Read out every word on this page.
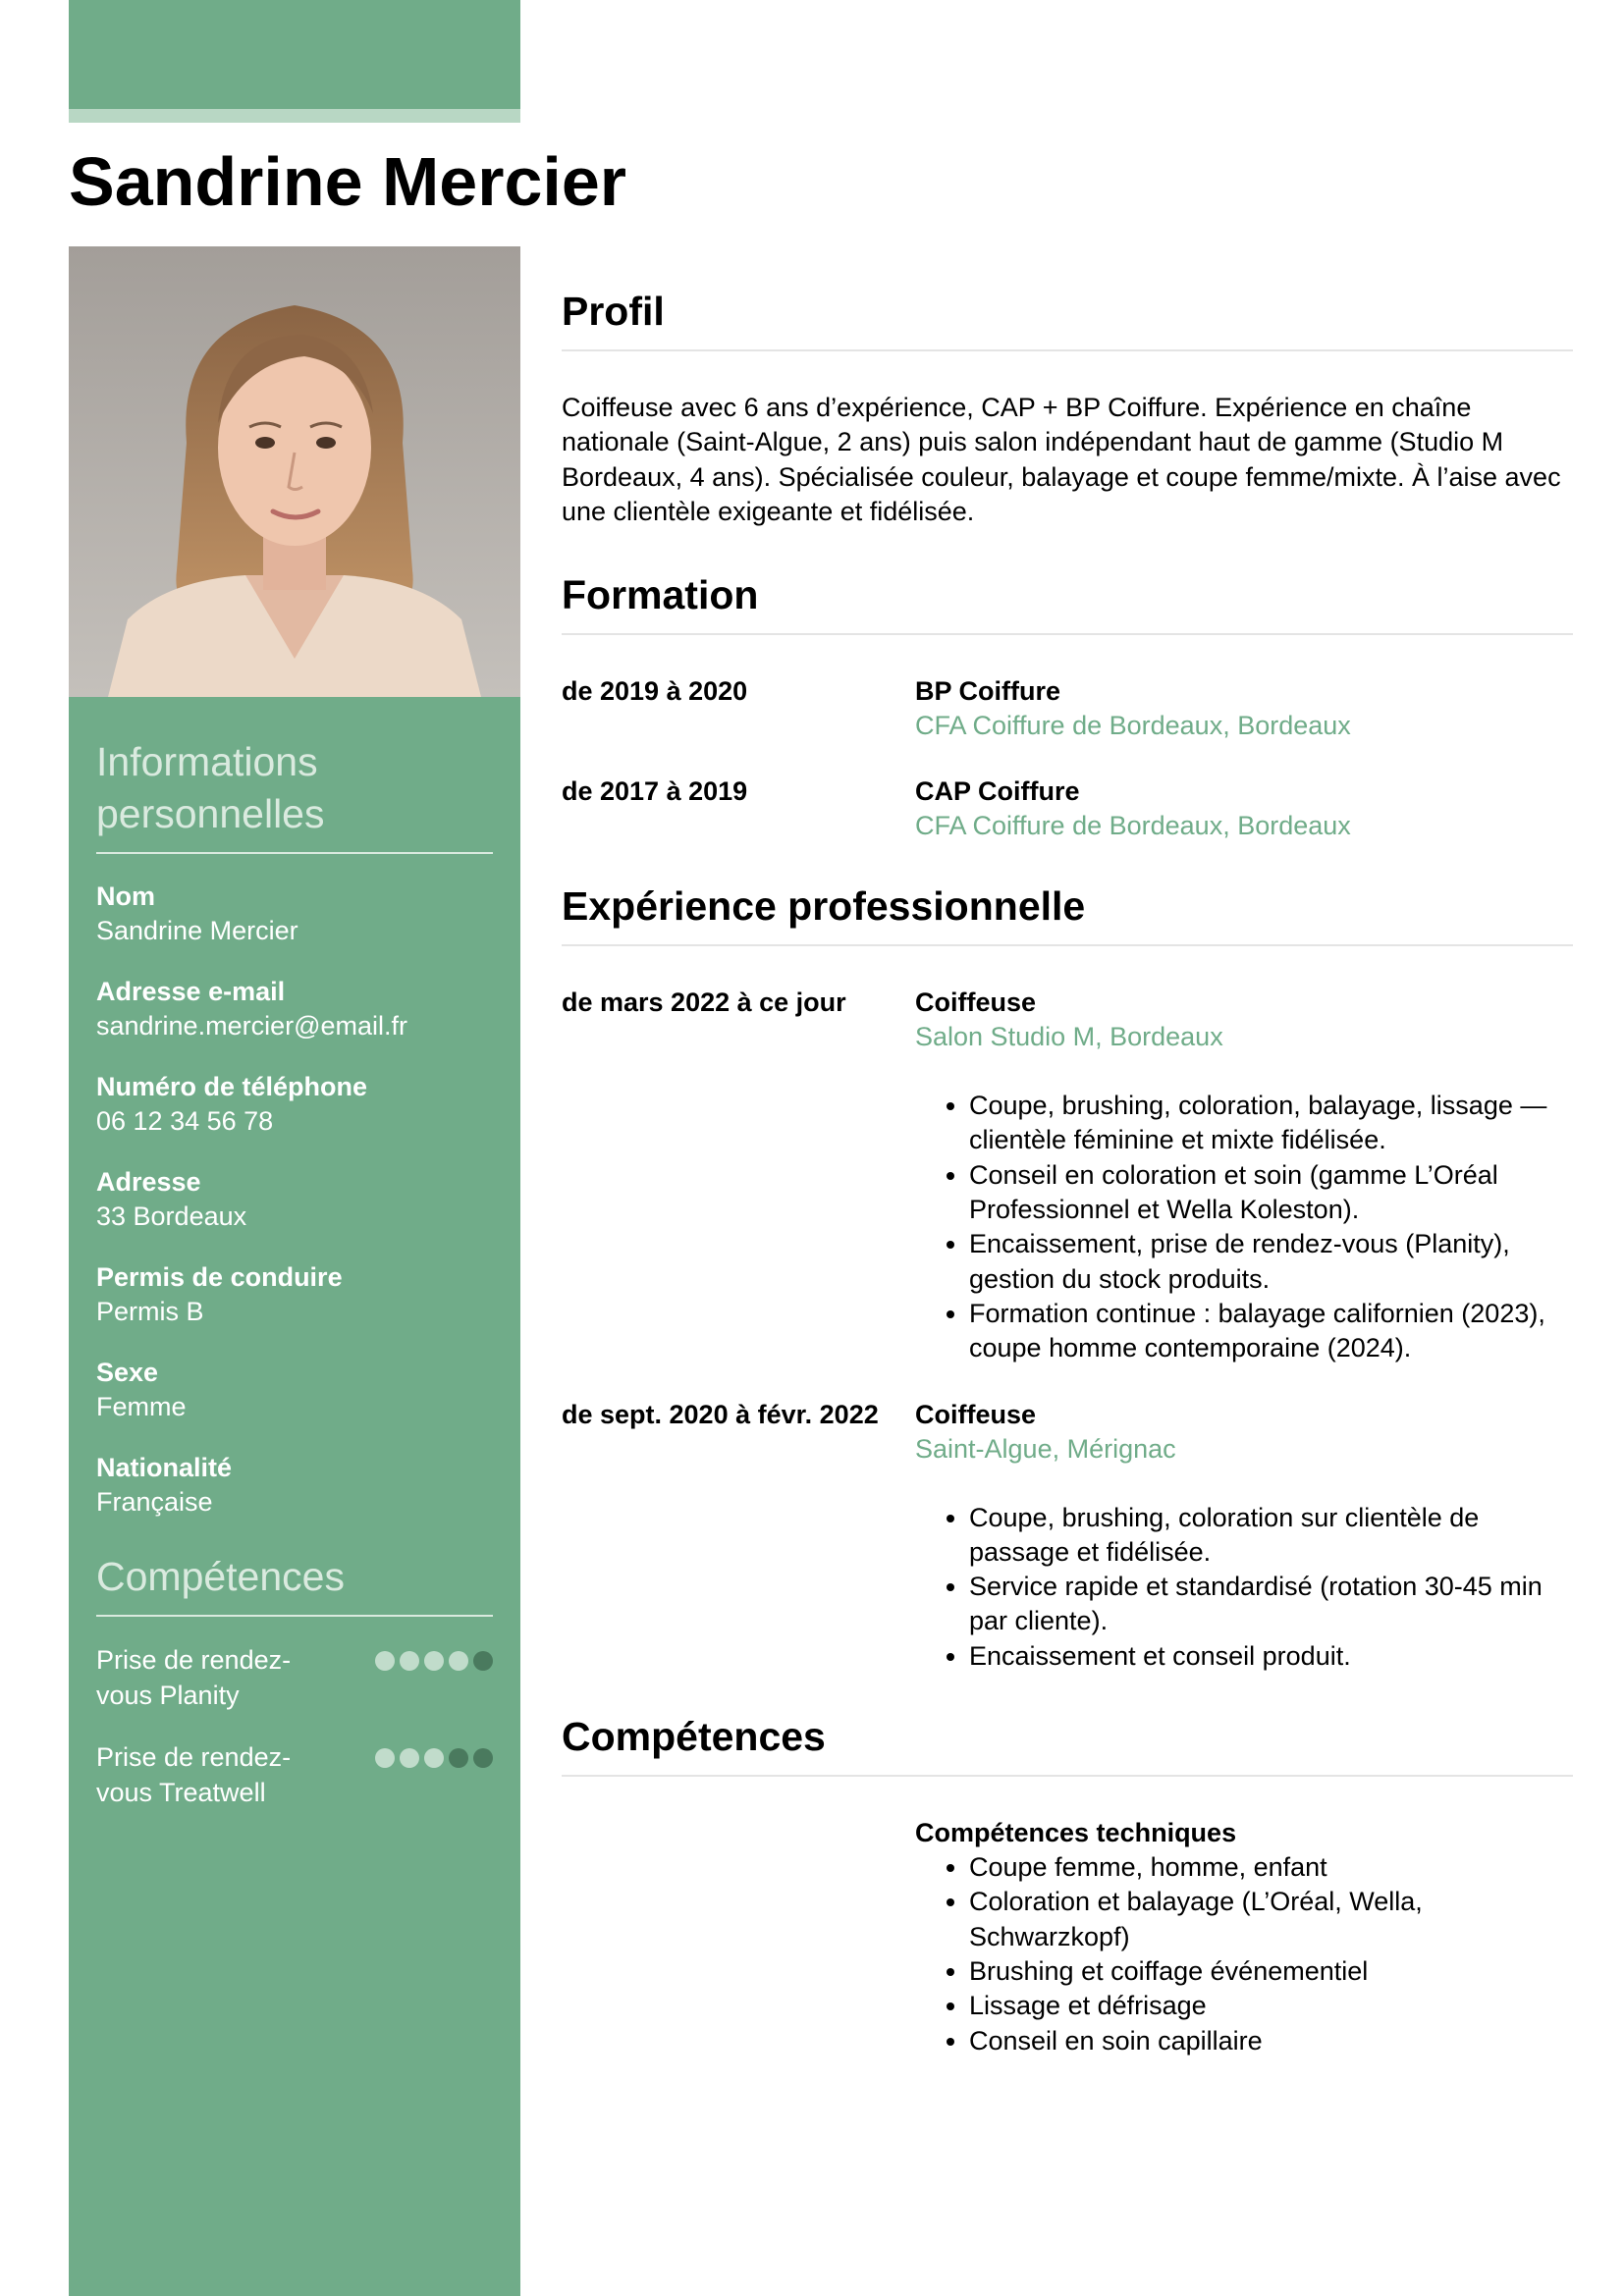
Sandrine Mercier
Informations personnelles
Nom
Sandrine Mercier
Adresse e-mail
sandrine.mercier@email.fr
Numéro de téléphone
06 12 34 56 78
Adresse
33 Bordeaux
Permis de conduire
Permis B
Sexe
Femme
Nationalité
Française
Compétences
Prise de rendez-vous Planity
Prise de rendez-vous Treatwell
Profil

Coiffeuse avec 6 ans d’expérience, CAP + BP Coiffure. Expérience en chaîne nationale (Saint-Algue, 2 ans) puis salon indépendant haut de gamme (Studio M Bordeaux, 4 ans). Spécialisée couleur, balayage et coupe femme/mixte. À l’aise avec une clientèle exigeante et fidélisée.

Formation
de 2019 à 2020	BP Coiffure
CFA Coiffure de Bordeaux, Bordeaux
de 2017 à 2019	CAP Coiffure
CFA Coiffure de Bordeaux, Bordeaux
Expérience professionnelle
de mars 2022 à ce jour	Coiffeuse
Salon Studio M, Bordeaux
• Coupe, brushing, coloration, balayage, lissage — clientèle féminine et mixte fidélisée.
• Conseil en coloration et soin (gamme L’Oréal Professionnel et Wella Koleston).
• Encaissement, prise de rendez-vous (Planity), gestion du stock produits.
• Formation continue : balayage californien (2023), coupe homme contemporaine (2024).
de sept. 2020 à févr. 2022	Coiffeuse
Saint-Algue, Mérignac
• Coupe, brushing, coloration sur clientèle de passage et fidélisée.
• Service rapide et standardisé (rotation 30-45 min par cliente).
• Encaissement et conseil produit.
Compétences
Compétences techniques
• Coupe femme, homme, enfant
• Coloration et balayage (L’Oréal, Wella, Schwarzkopf)
• Brushing et coiffage événementiel
• Lissage et défrisage
• Conseil en soin capillaire
